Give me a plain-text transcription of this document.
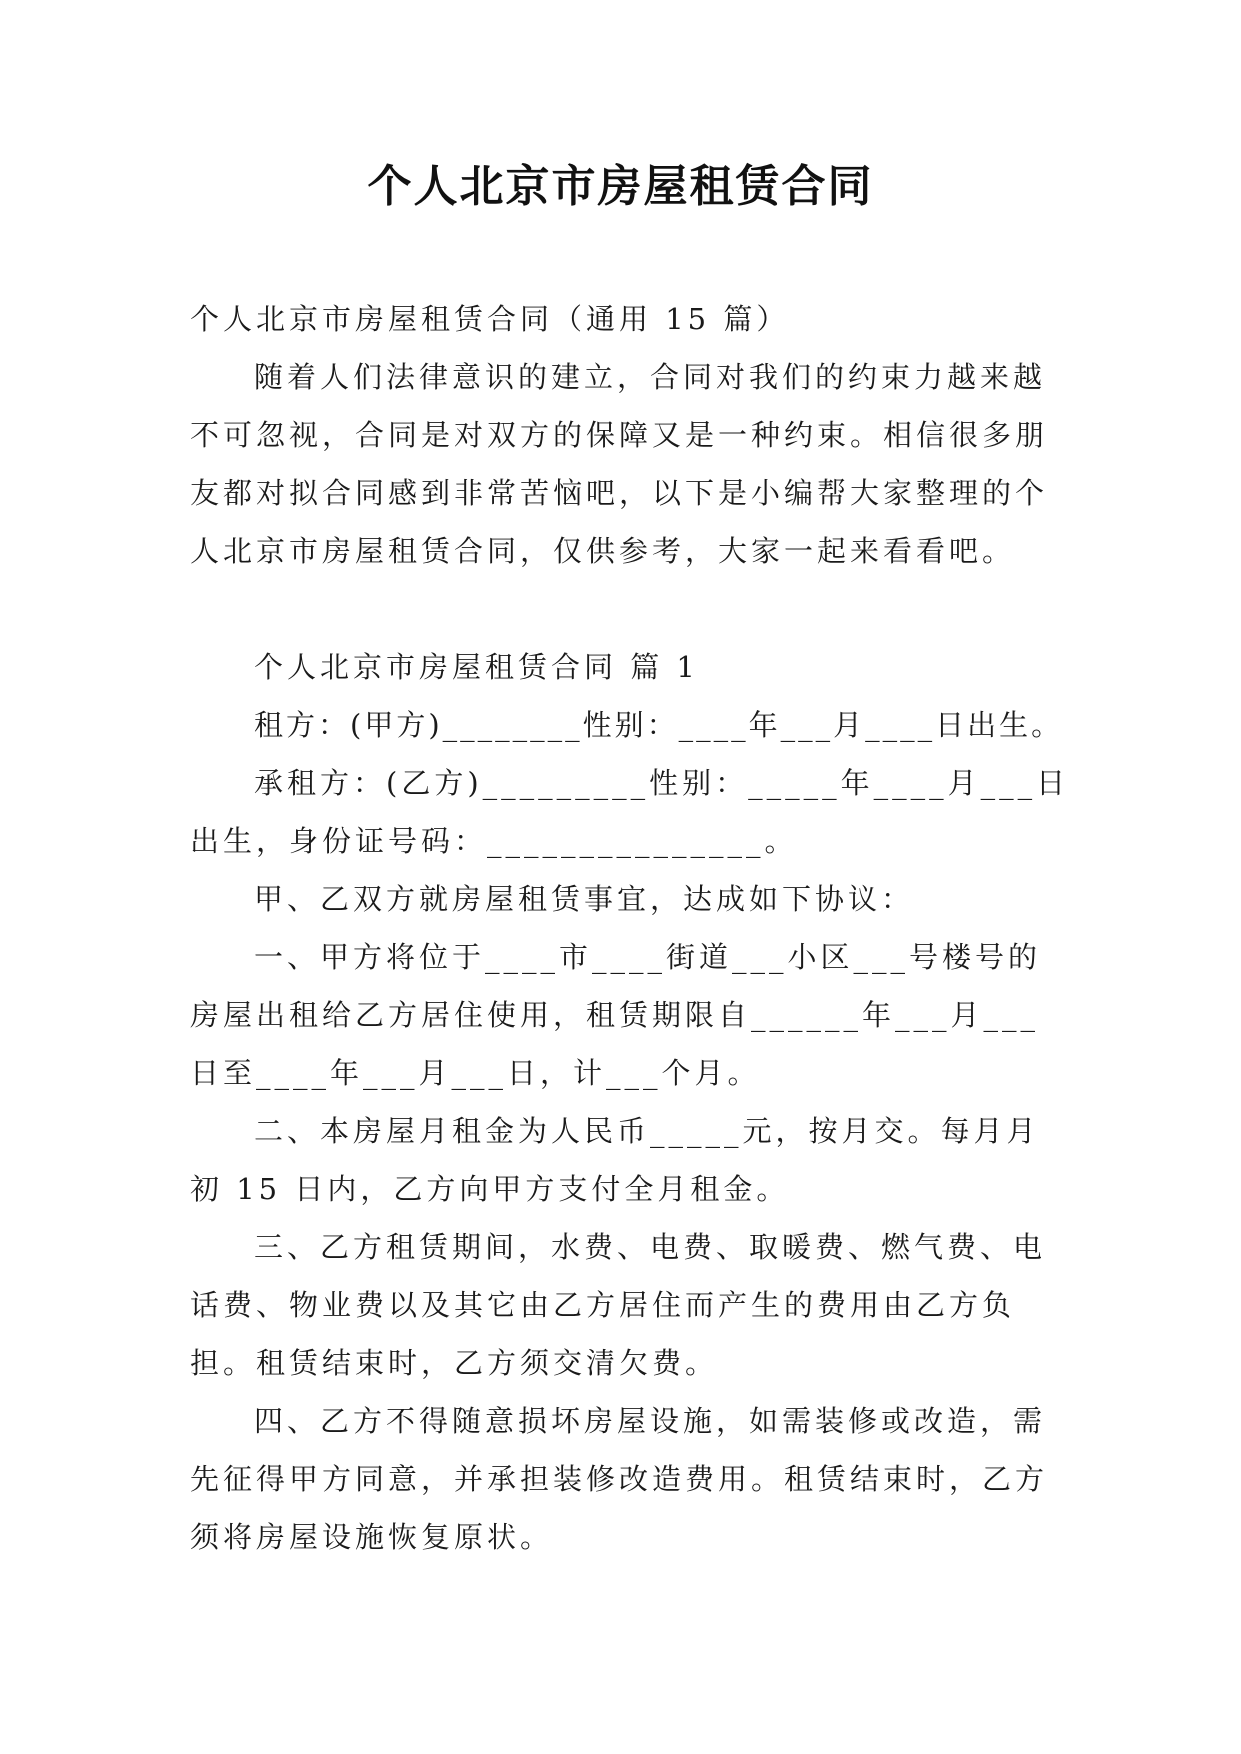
个人北京市房屋租赁合同

个人北京市房屋租赁合同（通用 15 篇）

随着人们法律意识的建立，合同对我们的约束力越来越不可忽视，合同是对双方的保障又是一种约束。相信很多朋友都对拟合同感到非常苦恼吧，以下是小编帮大家整理的个人北京市房屋租赁合同，仅供参考，大家一起来看看吧。

个人北京市房屋租赁合同 篇 1

租方：(甲方)________性别：____年___月____日出生。

承租方：(乙方)_________性别：_____年____月___日出生，身份证号码：_______________。

甲、乙双方就房屋租赁事宜，达成如下协议：

一、甲方将位于____市____街道___小区___号楼号的房屋出租给乙方居住使用，租赁期限自______年___月___日至____年___月___日，计___个月。

二、本房屋月租金为人民币_____元，按月交。每月月初 15 日内，乙方向甲方支付全月租金。

三、乙方租赁期间，水费、电费、取暖费、燃气费、电话费、物业费以及其它由乙方居住而产生的费用由乙方负担。租赁结束时，乙方须交清欠费。

四、乙方不得随意损坏房屋设施，如需装修或改造，需先征得甲方同意，并承担装修改造费用。租赁结束时，乙方须将房屋设施恢复原状。
